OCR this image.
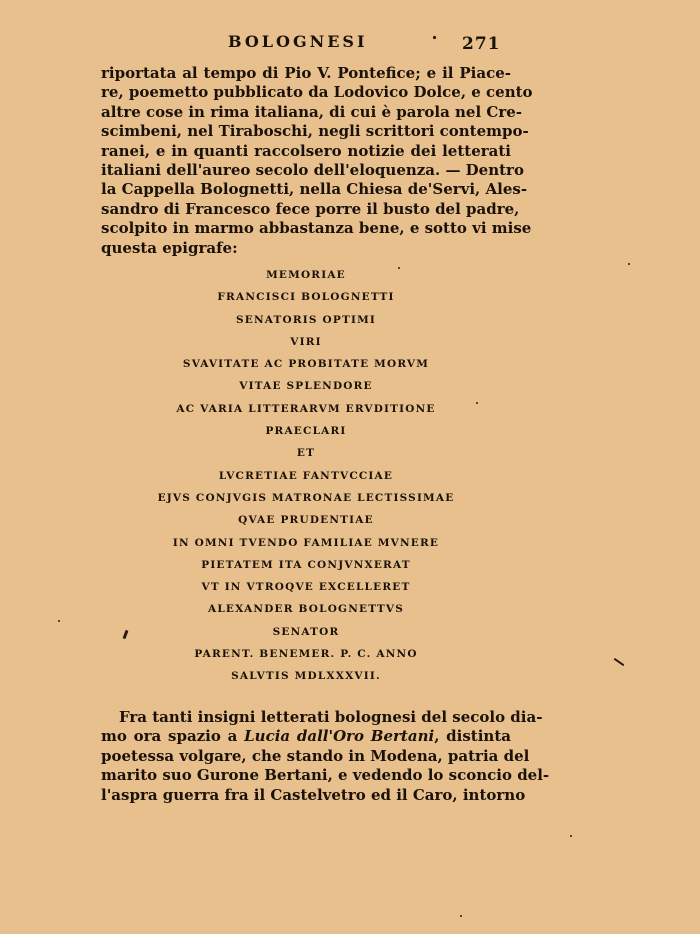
BOLOGNESI	271
riportata al tempo di Pio V. Pontefice; e il Piace-
re, poemetto pubblicato da Lodovico Dolce, e cento
altre cose in rima italiana, di cui è parola nel Cre-
scimbeni, nel Tiraboschi, negli scrittori contempo-
ranei, e in quanti raccolsero notizie dei letterati
italiani dell'aureo secolo dell'eloquenza. — Dentro
la Cappella Bolognetti, nella Chiesa de'Servi, Ales-
sandro di Francesco fece porre il busto del padre,
scolpito in marmo abbastanza bene, e sotto vi mise
questa epigrafe:
MEMORIAE
FRANCISCI BOLOGNETTI
SENATORIS OPTIMI
VIRI
SVAVITATE AC PROBITATE MORVM
VITAE SPLENDORE
AC VARIA LITTERARVM ERVDITIONE
PRAECLARI
ET
LVCRETIAE FANTVCCIAE
EJVS CONJVGIS MATRONAE LECTISSIMAE
QVAE PRUDENTIAE
IN OMNI TVENDO FAMILIAE MVNERE
PIETATEM ITA CONJVNXERAT
VT IN VTROQVE EXCELLERET
ALEXANDER BOLOGNETTVS
SENATOR
PARENT. BENEMER. P. C. ANNO
SALVTIS MDLXXXVII.
Fra tanti insigni letterati bolognesi del secolo dia-
mo ora spazio a Lucia dall'Oro Bertani, distinta
poetessa volgare, che stando in Modena, patria del
marito suo Gurone Bertani, e vedendo lo sconcio del-
l'aspra guerra fra il Castelvetro ed il Caro, intorno
